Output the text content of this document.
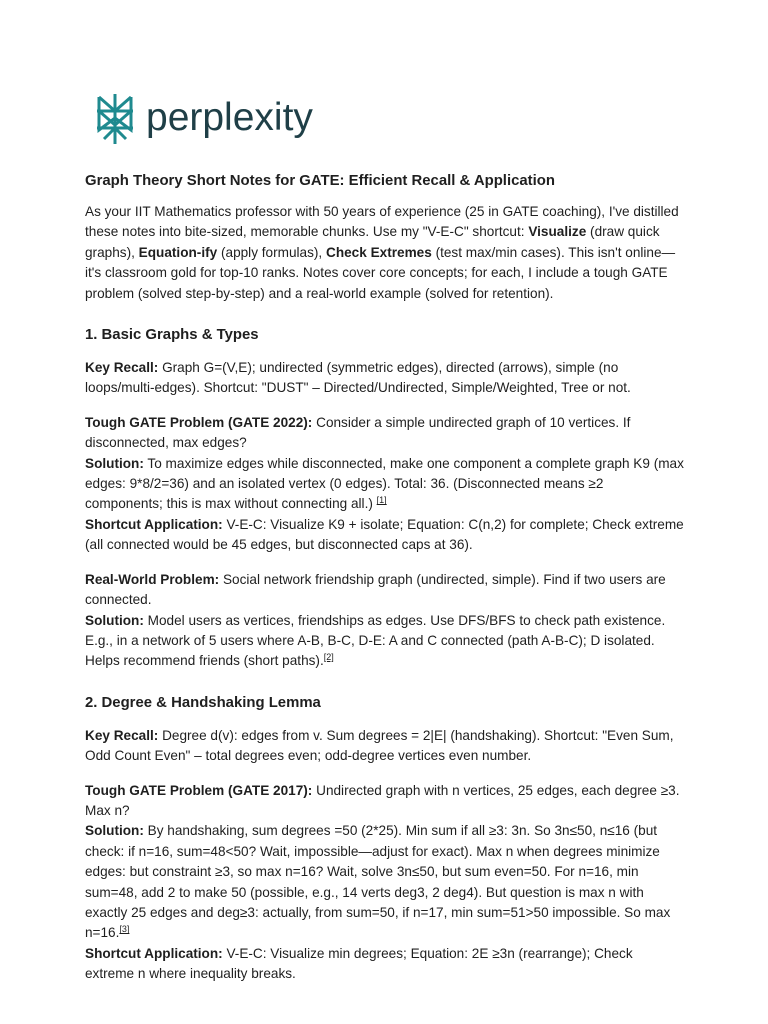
perplexity
Graph Theory Short Notes for GATE: Efficient Recall & Application

As your IIT Mathematics professor with 50 years of experience (25 in GATE coaching), I've distilled these notes into bite-sized, memorable chunks. Use my "V-E-C" shortcut: Visualize (draw quick graphs), Equation-ify (apply formulas), Check Extremes (test max/min cases). This isn't online—it's classroom gold for top-10 ranks. Notes cover core concepts; for each, I include a tough GATE problem (solved step-by-step) and a real-world example (solved for retention).

1. Basic Graphs & Types

Key Recall: Graph G=(V,E); undirected (symmetric edges), directed (arrows), simple (no loops/multi-edges). Shortcut: "DUST" – Directed/Undirected, Simple/Weighted, Tree or not.

Tough GATE Problem (GATE 2022): Consider a simple undirected graph of 10 vertices. If disconnected, max edges?

Solution: To maximize edges while disconnected, make one component a complete graph K9 (max edges: 9*8/2=36) and an isolated vertex (0 edges). Total: 36. (Disconnected means ≥2 components; this is max without connecting all.) [1]

Shortcut Application: V-E-C: Visualize K9 + isolate; Equation: C(n,2) for complete; Check extreme (all connected would be 45 edges, but disconnected caps at 36).

Real-World Problem: Social network friendship graph (undirected, simple). Find if two users are connected.

Solution: Model users as vertices, friendships as edges. Use DFS/BFS to check path existence. E.g., in a network of 5 users where A-B, B-C, D-E: A and C connected (path A-B-C); D isolated. Helps recommend friends (short paths).[2]

2. Degree & Handshaking Lemma

Key Recall: Degree d(v): edges from v. Sum degrees = 2|E| (handshaking). Shortcut: "Even Sum, Odd Count Even" – total degrees even; odd-degree vertices even number.

Tough GATE Problem (GATE 2017): Undirected graph with n vertices, 25 edges, each degree ≥3. Max n?

Solution: By handshaking, sum degrees =50 (2*25). Min sum if all ≥3: 3n. So 3n≤50, n≤16 (but check: if n=16, sum=48<50? Wait, impossible—adjust for exact). Max n when degrees minimize edges: but constraint ≥3, so max n=16? Wait, solve 3n≤50, but sum even=50. For n=16, min sum=48, add 2 to make 50 (possible, e.g., 14 verts deg3, 2 deg4). But question is max n with exactly 25 edges and deg≥3: actually, from sum=50, if n=17, min sum=51>50 impossible. So max n=16.[3]

Shortcut Application: V-E-C: Visualize min degrees; Equation: 2E ≥3n (rearrange); Check extreme n where inequality breaks.
